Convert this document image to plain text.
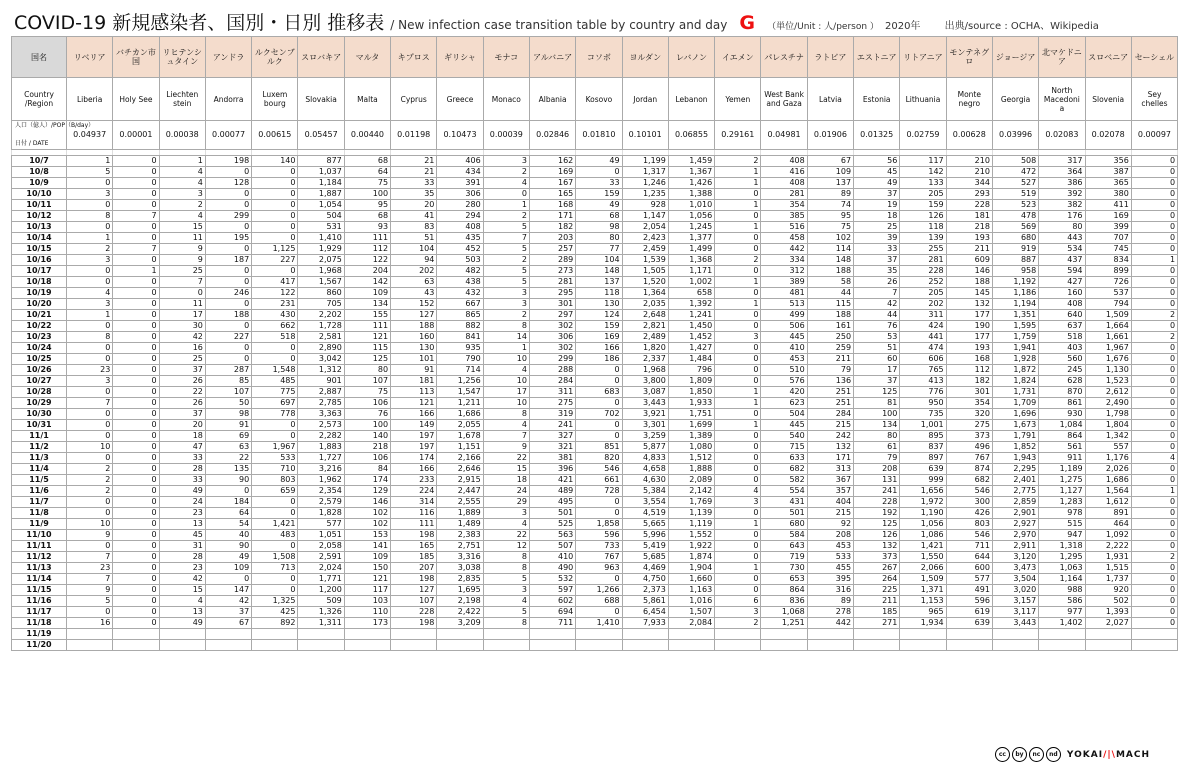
COVID-19 新規感染者、国別・日別 推移表 / New infection case transition table by country and day G （単位/Unit : 人/person ） 2020年 出典/source : OCHA、Wikipedia
国名	リベリア	バチカン市国	リヒテンシュタイン	アンドラ	ルクセンブルク	スロバキア	マルタ	キプロス	ギリシャ	モナコ	アルバニア	コソボ	ヨルダン	レバノン	イエメン	パレスチナ	ラトビア	エストニア	リトアニア	モンテネグロ	ジョージア	北マケドニア	スロベニア	セーシェル
Country /Region	Liberia	Holy See	Liechten stein	Andorra	Luxem bourg	Slovakia	Malta	Cyprus	Greece	Monaco	Albania	Kosovo	Jordan	Lebanon	Yemen	West Bank and Gaza	Latvia	Estonia	Lithuania	Monte negro	Georgia	North Macedoni a	Slovenia	Sey chelles

人口（億人）/POP（B/day）
日付 / DATE	0.04937	0.00001	0.00038	0.00077	0.00615	0.05457	0.00440	0.01198	0.10473	0.00039	0.02846	0.01810	0.10101	0.06855	0.29161	0.04981	0.01906	0.01325	0.02759	0.00628	0.03996	0.02083	0.02078	0.00097

10/7	1	0	1	198	140	877	68	21	406	3	162	49	1,199	1,459	2	408	67	56	117	210	508	317	356	0
10/8	5	0	4	0	0	1,037	64	21	434	2	169	0	1,317	1,367	1	416	109	45	142	210	472	364	387	0
10/9	0	0	4	128	0	1,184	75	33	391	4	167	33	1,246	1,426	1	408	137	49	133	344	527	386	365	0
10/10	3	0	3	0	0	1,887	100	35	306	0	165	159	1,235	1,388	0	281	89	37	205	293	519	392	380	0
10/11	0	0	2	0	0	1,054	95	20	280	1	168	49	928	1,010	1	354	74	19	159	228	523	382	411	0
10/12	8	7	4	299	0	504	68	41	294	2	171	68	1,147	1,056	0	385	95	18	126	181	478	176	169	0
10/13	0	0	15	0	0	531	93	83	408	5	182	98	2,054	1,245	1	516	75	25	118	218	569	80	399	0
10/14	1	0	11	195	0	1,410	111	51	435	7	203	80	2,423	1,377	0	458	102	39	139	193	680	443	707	0
10/15	2	7	9	0	1,125	1,929	112	104	452	5	257	77	2,459	1,499	0	442	114	33	255	211	919	534	745	0
10/16	3	0	9	187	227	2,075	122	94	503	2	289	104	1,539	1,368	2	334	148	37	281	609	887	437	834	1
10/17	0	1	25	0	0	1,968	204	202	482	5	273	148	1,505	1,171	0	312	188	35	228	146	958	594	899	0
10/18	0	0	7	0	417	1,567	142	63	438	5	281	137	1,520	1,002	1	389	58	26	252	188	1,192	427	726	0
10/19	4	0	0	246	122	860	109	43	432	3	295	118	1,364	658	0	481	44	7	205	145	1,186	160	537	0
10/20	3	0	11	0	231	705	134	152	667	3	301	130	2,035	1,392	1	513	115	42	202	132	1,194	408	794	0
10/21	1	0	17	188	430	2,202	155	127	865	2	297	124	2,648	1,241	0	499	188	44	311	177	1,351	640	1,509	2
10/22	0	0	30	0	662	1,728	111	188	882	8	302	159	2,821	1,450	0	506	161	76	424	190	1,595	637	1,664	0
10/23	8	0	42	227	518	2,581	121	160	841	14	306	169	2,489	1,452	3	445	250	53	441	177	1,759	518	1,661	2
10/24	0	0	16	0	0	2,890	115	130	935	1	302	166	1,820	1,427	0	410	259	51	474	193	1,941	403	1,967	0
10/25	0	0	25	0	0	3,042	125	101	790	10	299	186	2,337	1,484	0	453	211	60	606	168	1,928	560	1,676	0
10/26	23	0	37	287	1,548	1,312	80	91	714	4	288	0	1,968	796	0	510	79	17	765	112	1,872	245	1,130	0
10/27	3	0	26	85	485	901	107	181	1,256	10	284	0	3,800	1,809	0	576	136	37	413	182	1,824	628	1,523	0
10/28	0	0	22	107	775	2,887	75	113	1,547	17	311	683	3,087	1,850	1	420	251	125	776	301	1,731	870	2,612	0
10/29	7	0	26	50	697	2,785	106	121	1,211	10	275	0	3,443	1,933	1	623	251	81	950	354	1,709	861	2,490	0
10/30	0	0	37	98	778	3,363	76	166	1,686	8	319	702	3,921	1,751	0	504	284	100	735	320	1,696	930	1,798	0
10/31	0	0	20	91	0	2,573	100	149	2,055	4	241	0	3,301	1,699	1	445	215	134	1,001	275	1,673	1,084	1,804	0
11/1	0	0	18	69	0	2,282	140	197	1,678	7	327	0	3,259	1,389	0	540	242	80	895	373	1,791	864	1,342	0
11/2	10	0	47	63	1,967	1,883	218	197	1,151	9	321	851	5,877	1,080	0	715	132	61	837	496	1,852	561	557	0
11/3	0	0	33	22	533	1,727	106	174	2,166	22	381	820	4,833	1,512	0	633	171	79	897	767	1,943	911	1,176	4
11/4	2	0	28	135	710	3,216	84	166	2,646	15	396	546	4,658	1,888	0	682	313	208	639	874	2,295	1,189	2,026	0
11/5	2	0	33	90	803	1,962	174	233	2,915	18	421	661	4,630	2,089	0	582	367	131	999	682	2,401	1,275	1,686	0
11/6	2	0	49	0	659	2,354	129	224	2,447	24	489	728	5,384	2,142	4	554	357	241	1,656	546	2,775	1,127	1,564	1
11/7	0	0	24	184	0	2,579	146	314	2,555	29	495	0	3,554	1,769	3	431	404	228	1,972	300	2,859	1,283	1,612	0
11/8	0	0	23	64	0	1,828	102	116	1,889	3	501	0	4,519	1,139	0	501	215	192	1,190	426	2,901	978	891	0
11/9	10	0	13	54	1,421	577	102	111	1,489	4	525	1,858	5,665	1,119	1	680	92	125	1,056	803	2,927	515	464	0
11/10	9	0	45	40	483	1,051	153	198	2,383	22	563	596	5,996	1,552	0	584	208	126	1,086	546	2,970	947	1,092	0
11/11	0	0	31	90	0	2,058	141	165	2,751	12	507	733	5,419	1,922	0	643	453	132	1,421	711	2,911	1,318	2,222	0
11/12	7	0	28	49	1,508	2,591	109	185	3,316	8	410	767	5,685	1,874	0	719	533	373	1,550	644	3,120	1,295	1,931	2
11/13	23	0	23	109	713	2,024	150	207	3,038	8	490	963	4,469	1,904	1	730	455	267	2,066	600	3,473	1,063	1,515	0
11/14	7	0	42	0	0	1,771	121	198	2,835	5	532	0	4,750	1,660	0	653	395	264	1,509	577	3,504	1,164	1,737	0
11/15	9	0	15	147	0	1,200	117	127	1,695	3	597	1,266	2,373	1,163	0	864	316	225	1,371	491	3,020	988	920	0
11/16	5	0	4	42	1,325	509	103	107	2,198	4	602	688	5,861	1,016	6	836	89	211	1,153	596	3,157	586	502	0
11/17	0	0	13	37	425	1,326	110	228	2,422	5	694	0	6,454	1,507	3	1,068	278	185	965	619	3,117	977	1,393	0
11/18	16	0	49	67	892	1,311	173	198	3,209	8	711	1,410	7,933	2,084	2	1,251	442	271	1,934	639	3,443	1,402	2,027	0
11/19																								
11/20																								
cc	by	nc	nd	YOKAI/|\MACH
